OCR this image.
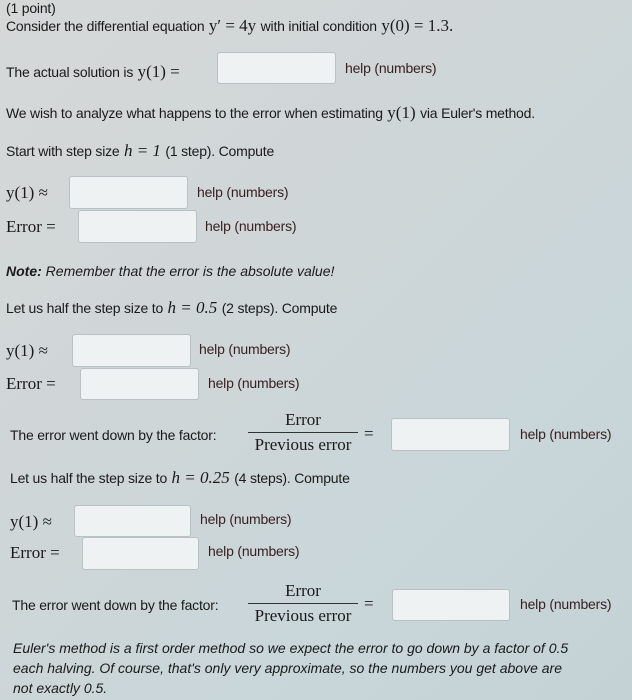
(1 point)
Consider the differential equation y′ = 4y with initial condition y(0) = 1.3.
The actual solution is y(1) =	help (numbers)
We wish to analyze what happens to the error when estimating y(1) via Euler's method.
Start with step size h = 1 (1 step). Compute
y(1) ≈	help (numbers)
Error =	help (numbers)
Note: Remember that the error is the absolute value!
Let us half the step size to h = 0.5 (2 steps). Compute
y(1) ≈	help (numbers)
Error =	help (numbers)
The error went down by the factor:
Error
Previous error
=	help (numbers)
Let us half the step size to h = 0.25 (4 steps). Compute
y(1) ≈	help (numbers)
Error =	help (numbers)
The error went down by the factor:
Error
Previous error
=	help (numbers)
Euler's method is a first order method so we expect the error to go down by a factor of 0.5
each halving. Of course, that's only very approximate, so the numbers you get above are
not exactly 0.5.
